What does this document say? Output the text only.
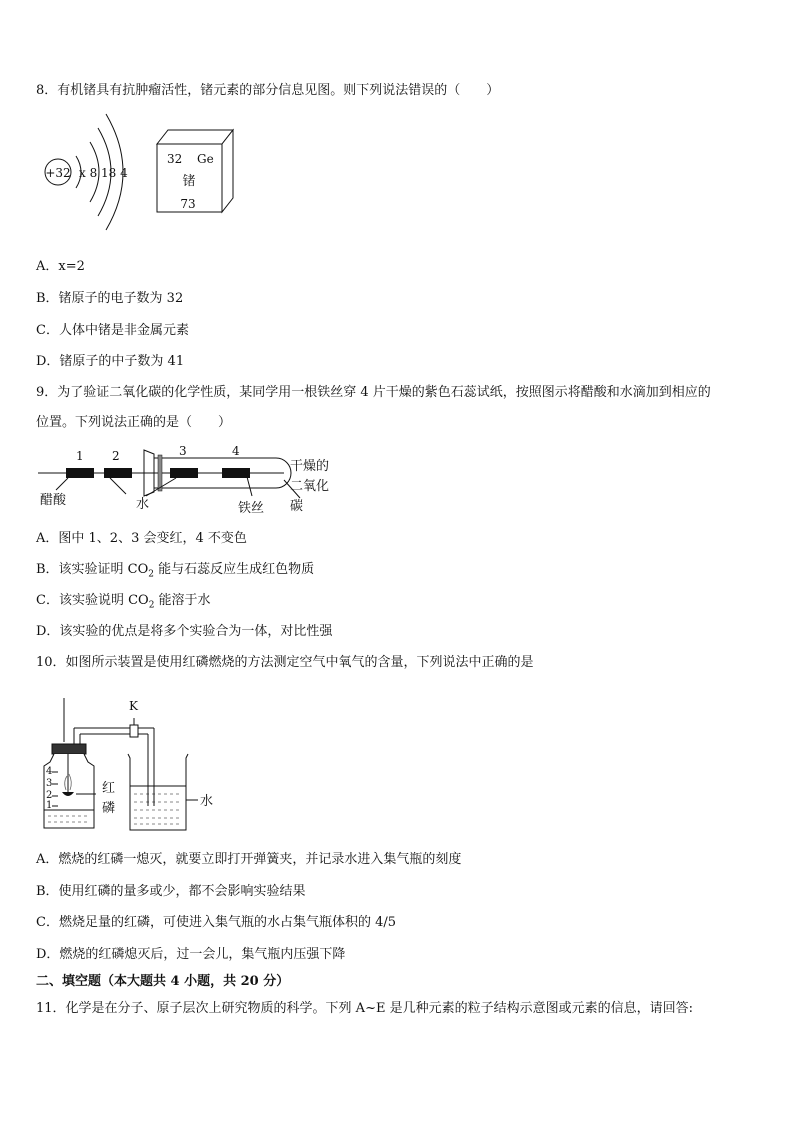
8．有机锗具有抗肿瘤活性，锗元素的部分信息见图。则下列说法错误的（　　）
+32 x 8 18 4
32 Ge
锗
73
A．x=2
B．锗原子的电子数为 32
C．人体中锗是非金属元素
D．锗原子的中子数为 41
9．为了验证二氧化碳的化学性质，某同学用一根铁丝穿 4 片干燥的紫色石蕊试纸，按照图示将醋酸和水滴加到相应的
位置。下列说法正确的是（　　）
1 2	3	4
醋酸	水	铁丝
干燥的
二氧化
碳
A．图中 1、2、3 会变红，4 不变色
B．该实验证明 $CO_2$ 能与石蕊反应生成红色物质
C．该实验说明 $CO_2$ 能溶于水
D．该实验的优点是将多个实验合为一体，对比性强
10．如图所示装置是使用红磷燃烧的方法测定空气中氧气的含量，下列说法中正确的是
K
4
3
2
1
红
磷	水
A．燃烧的红磷一熄灭，就要立即打开弹簧夹，并记录水进入集气瓶的刻度
B．使用红磷的量多或少，都不会影响实验结果
C．燃烧足量的红磷，可使进入集气瓶的水占集气瓶体积的 4/5
D．燃烧的红磷熄灭后，过一会儿，集气瓶内压强下降
二、填空题（本大题共 4 小题，共 20 分）
11．化学是在分子、原子层次上研究物质的科学。下列 A~E 是几种元素的粒子结构示意图或元素的信息，请回答:
